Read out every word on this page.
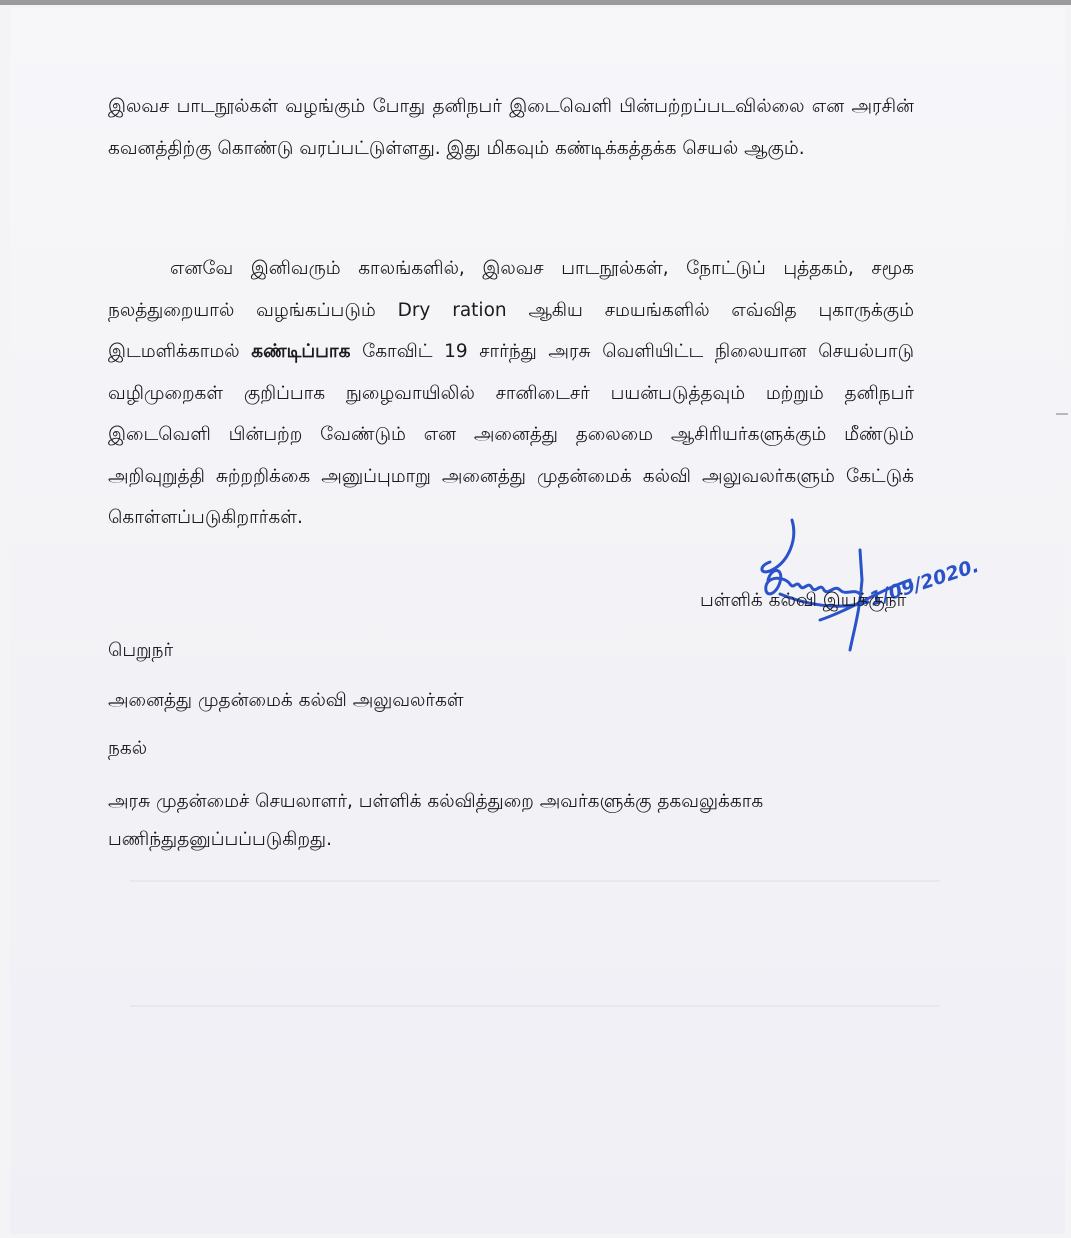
இலவச பாடநூல்கள் வழங்கும் போது தனிநபர் இடைவெளி பின்பற்றப்படவில்லை என அரசின் கவனத்திற்கு கொண்டு வரப்பட்டுள்ளது. இது மிகவும் கண்டிக்கத்தக்க செயல் ஆகும்.

எனவே இனிவரும் காலங்களில், இலவச பாடநூல்கள், நோட்டுப் புத்தகம், சமூக நலத்துறையால் வழங்கப்படும் Dry ration ஆகிய சமயங்களில் எவ்வித புகாருக்கும் இடமளிக்காமல் கண்டிப்பாக கோவிட் 19 சார்ந்து அரசு வெளியிட்ட நிலையான செயல்பாடு வழிமுறைகள் குறிப்பாக நுழைவாயிலில் சானிடைசர் பயன்படுத்தவும் மற்றும் தனிநபர் இடைவெளி பின்பற்ற வேண்டும் என அனைத்து தலைமை ஆசிரியர்களுக்கும் மீண்டும் அறிவுறுத்தி சுற்றறிக்கை அனுப்புமாறு அனைத்து முதன்மைக் கல்வி அலுவலர்களும் கேட்டுக் கொள்ளப்படுகிறார்கள்.

1/09/2020.
பள்ளிக் கல்வி இயக்குநர்

பெறுநர்

அனைத்து முதன்மைக் கல்வி அலுவலர்கள்

நகல்

அரசு முதன்மைச் செயலாளர், பள்ளிக் கல்வித்துறை அவர்களுக்கு தகவலுக்காக பணிந்துதனுப்பப்படுகிறது.
